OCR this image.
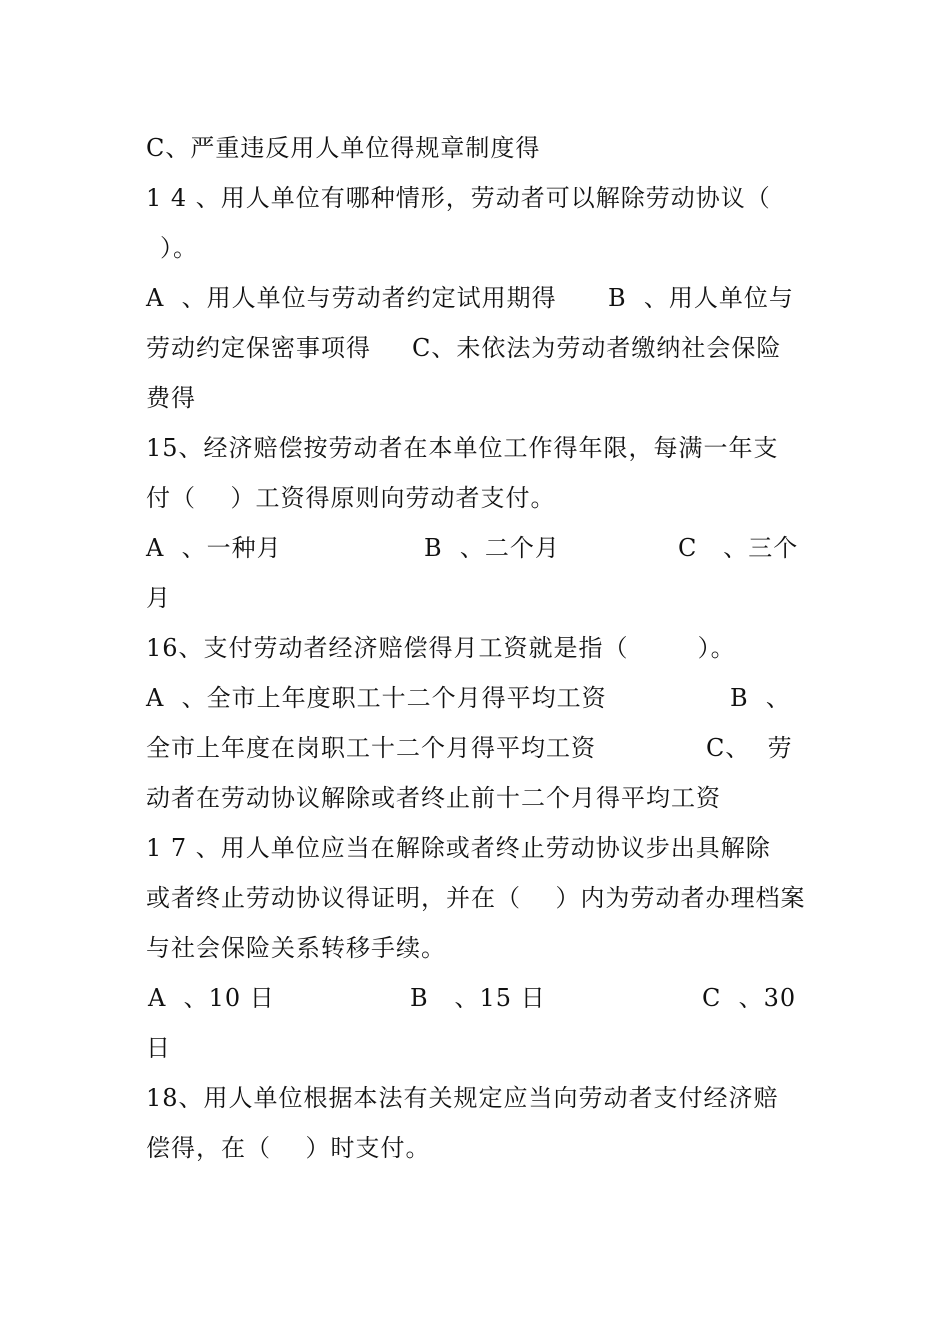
C、严重违反用人单位得规章制度得
1 4 、用人单位有哪种情形，劳动者可以解除劳动协议（
）。

A  、用人单位与劳动者约定试用期得

B  、用人单位与

劳动约定保密事项得

C、未依法为劳动者缴纳社会保险

费得
15、经济赔偿按劳动者在本单位工作得年限，每满一年支
付（    ）工资得原则向劳动者支付。

A  、一种月

	B  、二个月

	C   、三个

月
16、支付劳动者经济赔偿得月工资就是指（        ）。

A  、全市上年度职工十二个月得平均工资

	B  、

全市上年度在岗职工十二个月得平均工资

	C、  劳

动者在劳动协议解除或者终止前十二个月得平均工资
1 7 、用人单位应当在解除或者终止劳动协议步出具解除
或者终止劳动协议得证明，并在（    ）内为劳动者办理档案
与社会保险关系转移手续。

A  、10 日

	B   、15 日

	C  、30

日
18、用人单位根据本法有关规定应当向劳动者支付经济赔
偿得，在（    ）时支付。
